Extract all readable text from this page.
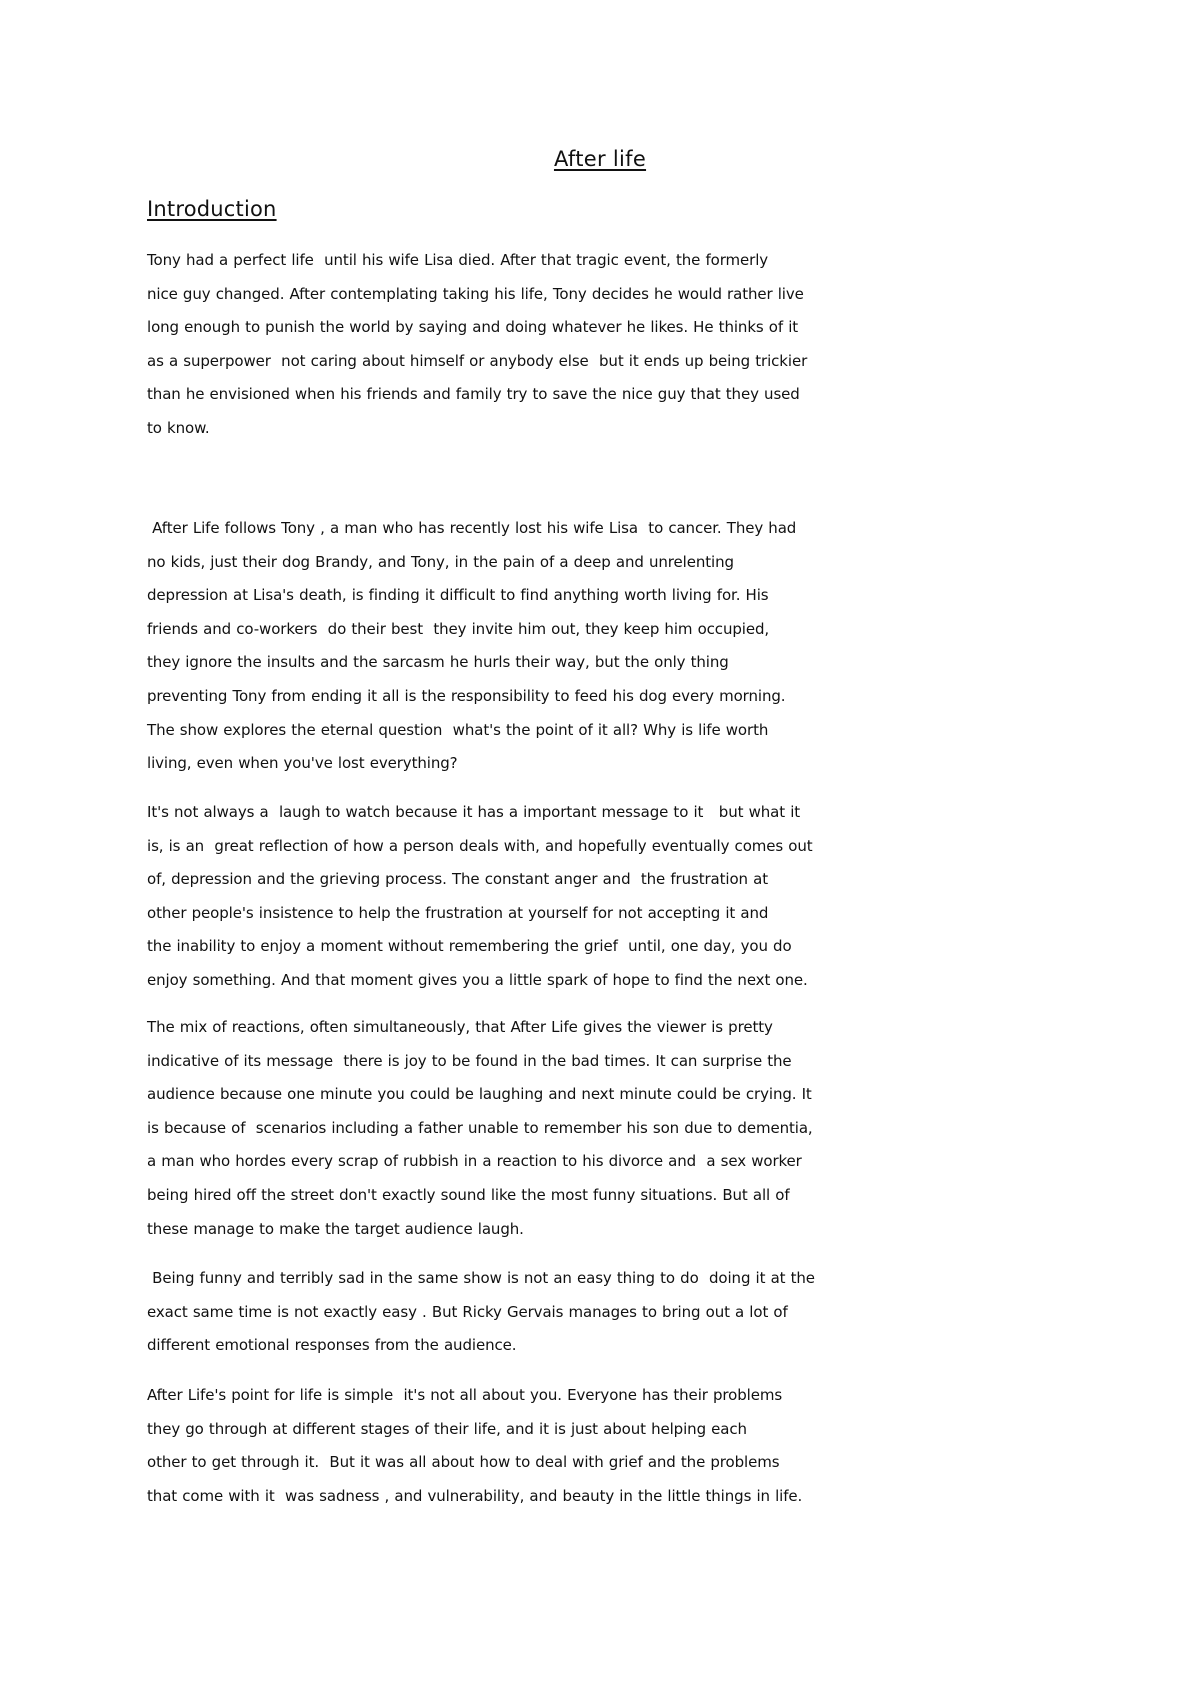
After life
Introduction

Tony had a perfect life  until his wife Lisa died. After that tragic event, the formerly
nice guy changed. After contemplating taking his life, Tony decides he would rather live
long enough to punish the world by saying and doing whatever he likes. He thinks of it
as a superpower  not caring about himself or anybody else  but it ends up being trickier
than he envisioned when his friends and family try to save the nice guy that they used
to know.

After Life follows Tony , a man who has recently lost his wife Lisa  to cancer. They had
no kids, just their dog Brandy, and Tony, in the pain of a deep and unrelenting
depression at Lisa's death, is finding it difficult to find anything worth living for. His
friends and co-workers  do their best  they invite him out, they keep him occupied,
they ignore the insults and the sarcasm he hurls their way, but the only thing
preventing Tony from ending it all is the responsibility to feed his dog every morning.
The show explores the eternal question  what's the point of it all? Why is life worth
living, even when you've lost everything?

It's not always a  laugh to watch because it has a important message to it   but what it
is, is an  great reflection of how a person deals with, and hopefully eventually comes out
of, depression and the grieving process. The constant anger and  the frustration at
other people's insistence to help the frustration at yourself for not accepting it and
the inability to enjoy a moment without remembering the grief  until, one day, you do
enjoy something. And that moment gives you a little spark of hope to find the next one.

The mix of reactions, often simultaneously, that After Life gives the viewer is pretty
indicative of its message  there is joy to be found in the bad times. It can surprise the
audience because one minute you could be laughing and next minute could be crying. It
is because of  scenarios including a father unable to remember his son due to dementia,
a man who hordes every scrap of rubbish in a reaction to his divorce and  a sex worker
being hired off the street don't exactly sound like the most funny situations. But all of
these manage to make the target audience laugh.

Being funny and terribly sad in the same show is not an easy thing to do  doing it at the
exact same time is not exactly easy . But Ricky Gervais manages to bring out a lot of
different emotional responses from the audience.

After Life's point for life is simple  it's not all about you. Everyone has their problems
they go through at different stages of their life, and it is just about helping each
other to get through it.  But it was all about how to deal with grief and the problems
that come with it  was sadness , and vulnerability, and beauty in the little things in life.
